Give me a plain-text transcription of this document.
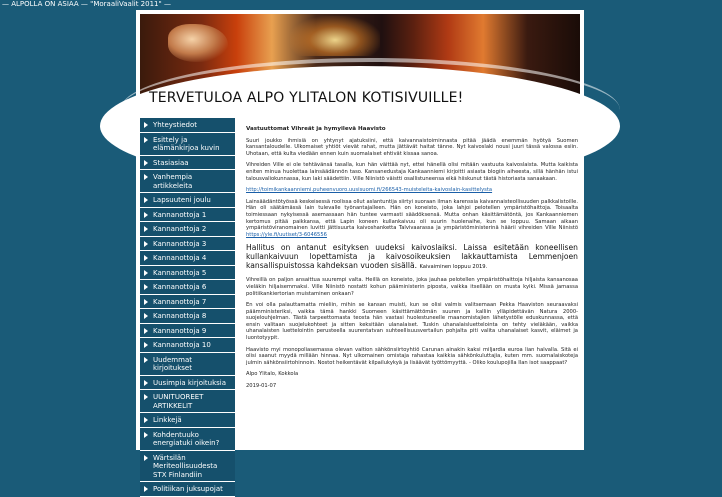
— ALPOLLA ON ASIAA — "MoraaliVaalit 2011" —
TERVETULOA ALPO YLITALON KOTISIVUILLE!
Yhteystiedot
Esittely ja elämänkirjoa kuvin
Stasiasiaa
Vanhempia artikkeleita
Lapsuuteni joulu
Kannanottoja 1
Kannanottoja 2
Kannanottoja 3
Kannanottoja 4
Kannanottoja 5
Kannanottoja 6
Kannanottoja 7
Kannanottoja 8
Kannanottoja 9
Kannanottoja 10
Uudemmat kirjoitukset
Uusimpia kirjoituksia
UUNITUOREET ARTIKKELIT
Linkkejä
Kohdentuuko energiatuki oikein?
Wärtsilän Meriteollisuudesta STX Finlandiin
Politiikan juksupojat

Vastuuttomat Vihreät ja hymyilevä Haavisto

Suuri joukko ihmisiä on yhtynyt ajatuksiini, että kaivannaistoiminnasta pitää jäädä enemmän hyötyä Suomen kansantaloudelle. Ulkomaiset yhtiöt vievät rahat, mutta jättävät haitat tänne. Nyt kaivoslaki nousi juuri tässä valossa esiin. Uhotaan, että kulta viedään ennen kuin suomalaiset ehtivät kissaa sanoa.

Vihreiden Ville ei ole tehtävänsä tasalla, kun hän väittää nyt, ettei hänellä olisi mitään vastuuta kaivoslaista. Mutta kaikista eniten minua huolettaa lainsäädännön taso. Kansanedustaja Kankaanniemi kirjoitti asiasta blogiin aiheesta, sillä hänhän istui talousvaliokunnassa, kun laki säädettiin. Ville Niinistö väistti osallistuneensa eikä hiiskunut tästä historiasta sanaakaan.

http://toimikankaanniemi.puheenvuoro.uusisuomi.fi/266543-muisteleita-kaivoslain-kasittelysta

Lainsäädäntötyössä keskeisessä roolissa ollut aslantuntija siirtyi suoraan ilman karenssia kaivannaisteollisuuden palkkalistoille. Hän oli säätämässä lain tulevalle työnantajalleen. Hän on koneisto, joka lahjoi pelotellen ympäristöhaittoja. Toisaalta toimiessaan nykyisessä asemassaan hän tuntee varmasti säädöksensä. Mutta onhan käsittämätöntä, jos Kankaanniemen kertomus pitää paikkansa, että Lapin koneen kullankaivuu oli suurin huolenaihe, kun se loppuu. Samaan aikaan ympäristöviranomainen luvitti jättisuurta kaivoshanketta Talvivaarassa ja ympäristöministerinä häärii vihreiden Ville Niinistö https://yle.fi/uutiset/3-6046556

Hallitus on antanut esityksen uudeksi kaivoslaiksi. Laissa esitetään koneellisen kullankaivuun lopettamista ja kaivosoikeuksien lakkauttamista Lemmenjoen kansallispuistossa kahdeksan vuoden sisällä. Kaivaiminen loppuu 2019.

Vihreillä on paljon ansaittua suurempi valta. Heillä on koneisto, joka jauhaa pelotellen ympäristöhaittoja hiljaista kansanosaa vieläkin hiljaisemmaksi. Ville Niinistö nostatti kohun pääministerin piposta, vaikka itsellään on musta kyiki. Missä jamassa politiikankiertorian muistaminen onkaan?

En voi olla palauttamatta mieliin, mihin se kansan muisti, kun se olisi valmis valitsemaan Pekka Haaviston seuraavaksi päämministeriksi, vaikka tämä hankki Suomeen käsittämättömän suuren ja kalliin ylläpidettävän Natura 2000-suojelouhjelman. Tästä tarpeettomasta teosta hän vastasi huolestuneelle maanomistajien lähetystölle eduskunnassa, että ensin valitaan suojelukohteet ja sitten keksitään ulanalaiset. Tuskin uhanalaisluettelointa on tehty vieläkään, vaikka uhanalaisten luettelointin perusteella suurentatvan suhteellisuusvertailun pohjalta piti valita uhanalaiset kasvit, eläimet ja luontotyypit.

Haavisto myi monopoliasemassa olevan valtion sähkönsiirtoyhtiö Carunan ainakin kaksi miljardia euroa lian halvalla. Sitä ei olisi saanut myydä millään hinnaa. Nyt ulkomainen omistaja rahastaa kaikkia sähkönkuluttajia, kuten mm. suomalaiskoteja julmin sähkönsiirtohinnoin. Nostot heikentävät kilpailukykyä ja lisäävät työttömyyttä. - Oliko koulupojilla Ilan isot saappaat?

Alpo Ylitalo, Kokkola

2019-01-07
